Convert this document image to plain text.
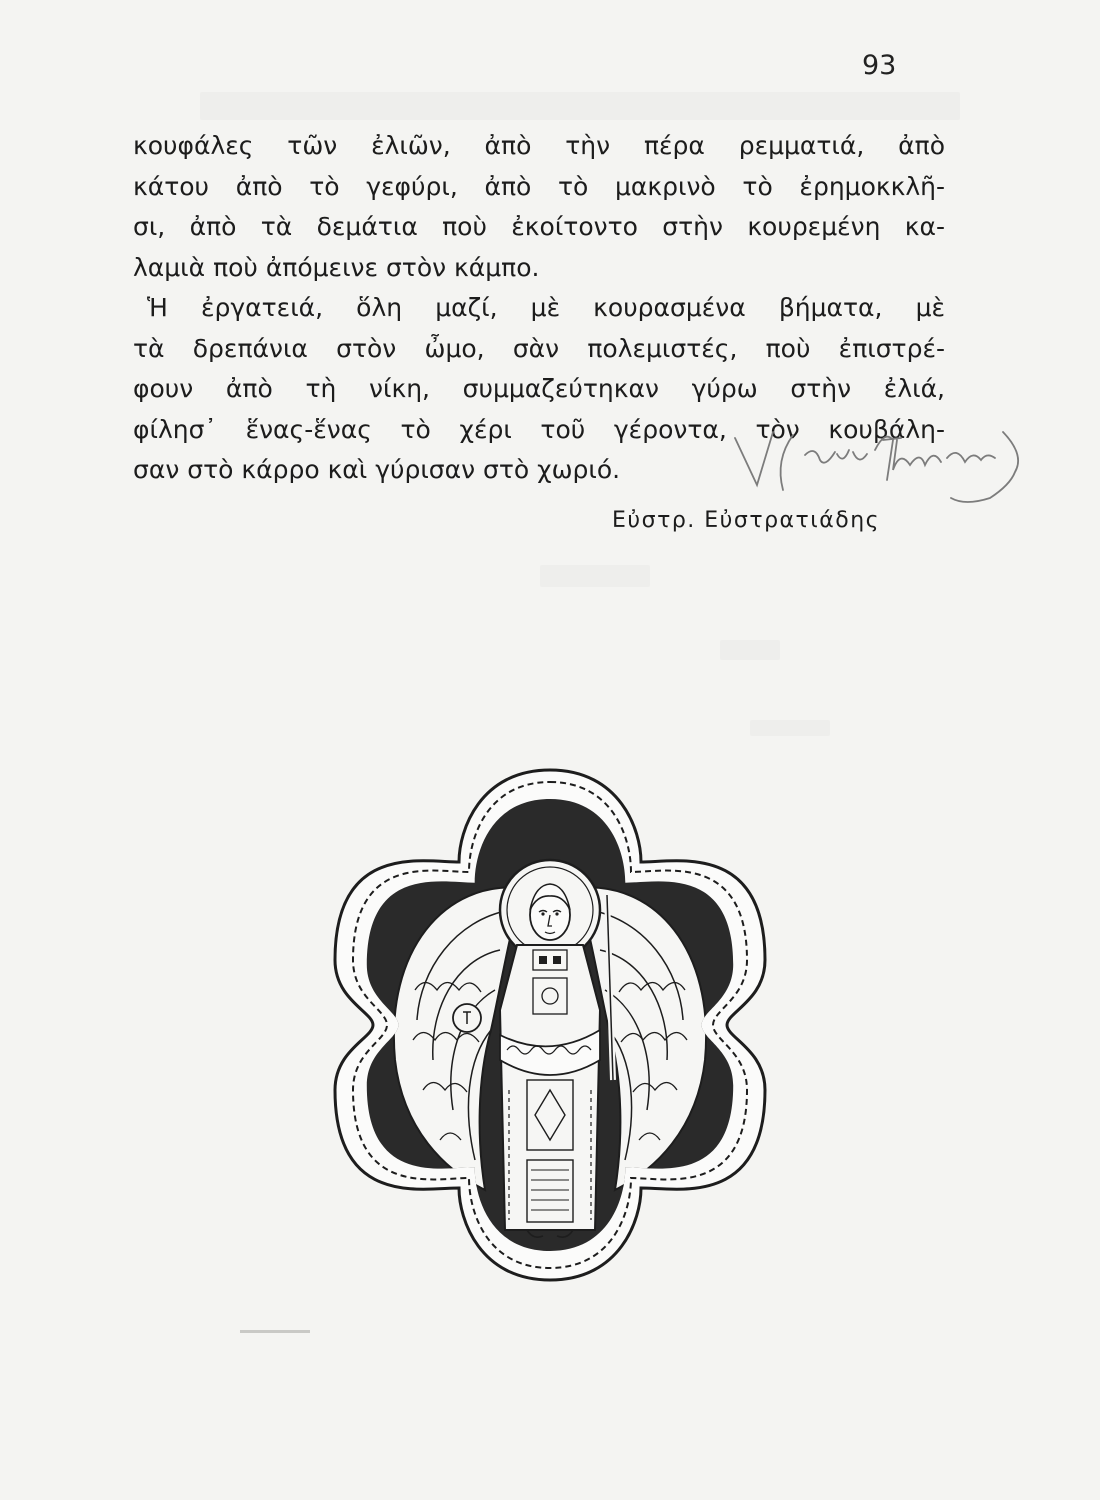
93
κουφάλες τῶν ἐλιῶν, ἀπὸ τὴν πέρα ρεμματιά, ἀπὸ
κάτου ἀπὸ τὸ γεφύρι, ἀπὸ τὸ μακρινὸ τὸ ἐρημοκκλῆ-
σι, ἀπὸ τὰ δεμάτια ποὺ ἐκοίτοντο στὴν κουρεμένη κα-
λαμιὰ ποὺ ἀπόμεινε στὸν κάμπο.
Ἡ ἐργατειά, ὅλη μαζί, μὲ κουρασμένα βήματα, μὲ
τὰ δρεπάνια στὸν ὦμο, σὰν πολεμιστές, ποὺ ἐπιστρέ-
φουν ἀπὸ τὴ νίκη, συμμαζεύτηκαν γύρω στὴν ἐλιά,
φίλησ᾽ ἕνας-ἕνας τὸ χέρι τοῦ γέροντα, τὸν κουβάλη-
σαν στὸ κάρρο καὶ γύρισαν στὸ χωριό.
Εὐστρ. Εὐστρατιάδης
